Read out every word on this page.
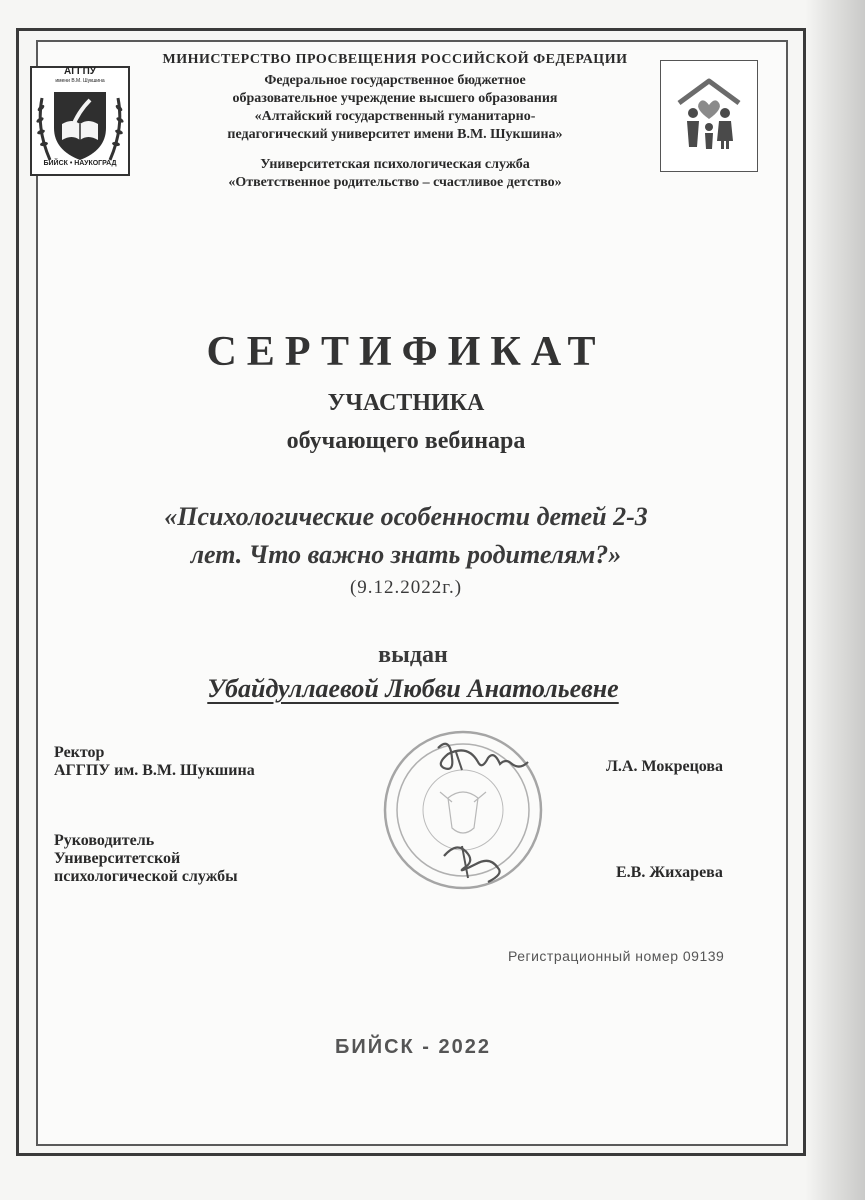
АГГПУ
имени В.М. Шукшина
БИЙСК • НАУКОГРАД
МИНИСТЕРСТВО ПРОСВЕЩЕНИЯ РОССИЙСКОЙ ФЕДЕРАЦИИ
Федеральное государственное бюджетное
образовательное учреждение высшего образования
«Алтайский государственный гуманитарно-
педагогический университет имени В.М. Шукшина»
Университетская психологическая служба
«Ответственное родительство – счастливое детство»
СЕРТИФИКАТ
УЧАСТНИКА
обучающего вебинара
«Психологические особенности детей 2-3
лет. Что важно знать родителям?»
(9.12.2022г.)
выдан
Убайдуллаевой Любви Анатольевне
Ректор
АГГПУ им. В.М. Шукшина	Л.А. Мокрецова
Руководитель
Университетской
психологической службы	Е.В. Жихарева
Регистрационный номер 09139
БИЙСК - 2022
